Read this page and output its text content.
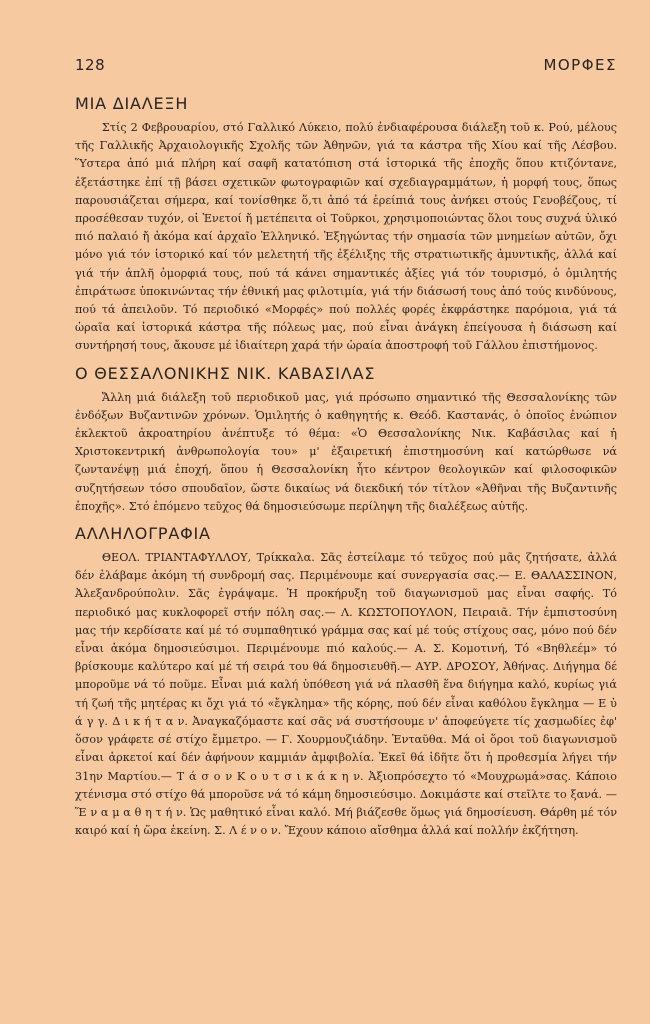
128	ΜΟΡΦΕΣ
ΜΙΑ ΔΙΑΛΕΞΗ

Στίς 2 Φεβρουαρίου, στό Γαλλικό Λύκειο, πολύ ἐνδιαφέρουσα διάλεξη τοῦ κ. Ρού, μέλους τῆς Γαλλικῆς Ἀρχαιολογικῆς Σχολῆς τῶν Ἀθηνῶν, γιά τα κάστρα τῆς Χίου καί τῆς Λέσβου. Ὕστερα ἀπό μιά πλήρη καί σαφῆ κατατόπιση στά ἱστορικά τῆς ἐποχῆς ὅπου κτιζόντανε, ἐξετάστηκε ἐπί τῇ βάσει σχετικῶν φωτογραφιῶν καί σχεδιαγραμμάτων, ἡ μορφή τους, ὅπως παρουσιάζεται σήμερα, καί τονίσθηκε ὅ,τι ἀπό τά ἐρείπιά τους ἀνήκει στούς Γενοβέζους, τί προσέθεσαν τυχόν, οἱ Ἐνετοί ἤ μετέπειτα οἱ Τοῦρκοι, χρησιμοποιώντας ὅλοι τους συχνά ὑλικό πιό παλαιό ἤ ἀκόμα καί ἀρχαῖο Ἑλληνικό. Ἐξηγώντας τήν σημασία τῶν μνημείων αὐτῶν, ὄχι μόνο γιά τόν ἱστορικό καί τόν μελετητή τῆς ἐξέλιξης τῆς στρατιωτικῆς ἀμυντικῆς, ἀλλά καί γιά τήν ἁπλῆ ὀμορφιά τους, πού τά κάνει σημαντικές ἀξίες γιά τόν τουρισμό, ὁ ὁμιλητής ἐπιράτωσε ὑποκινώντας τήν ἐθνική μας φιλοτιμία, γιά τήν διάσωσή τους ἀπό τούς κινδύνους, πού τά ἀπειλοῦν. Τό περιοδικό «Μορφές» πού πολλές φορές ἐκφράστηκε παρόμοια, γιά τά ὡραῖα καί ἱστορικά κάστρα τῆς πόλεως μας, πού εἶναι ἀνάγκη ἐπείγουσα ἡ διάσωση καί συντήρησή τους, ἄκουσε μέ ἰδιαίτερη χαρά τήν ὡραία ἀποστροφή τοῦ Γάλλου ἐπιστήμονος.

Ο ΘΕΣΣΑΛΟΝΙΚΗΣ ΝΙΚ. ΚΑΒΑΣΙΛΑΣ

Ἄλλη μιά διάλεξη τοῦ περιοδικοῦ μας, γιά πρόσωπο σημαντικό τῆς Θεσσαλονίκης τῶν ἐνδόξων Βυζαντινῶν χρόνων. Ὁμιλητής ὁ καθηγητής κ. Θεόδ. Καστανάς, ὁ ὁποῖος ἐνώπιον ἐκλεκτοῦ ἀκροατηρίου ἀνέπτυξε τό θέμα: «Ὁ Θεσσαλονίκης Νικ. Καβάσιλας καί ἡ Χριστοκεντρική ἀνθρωπολογία του» μ' ἐξαιρετική ἐπιστημοσύνη καί κατώρθωσε νά ζωντανέψῃ μιά ἐποχή, ὅπου ἡ Θεσσαλονίκη ἦτο κέντρον θεολογικῶν καί φιλοσοφικῶν συζητήσεων τόσο σπουδαῖον, ὥστε δικαίως νά διεκδική τόν τίτλον «Ἀθῆναι τῆς Βυζαντινῆς ἐποχῆς». Στό ἑπόμενο τεῦχος θά δημοσιεύσωμε περίληψη τῆς διαλέξεως αὐτῆς.

ΑΛΛΗΛΟΓΡΑΦΙΑ

ΘΕΟΛ. ΤΡΙΑΝΤΑΦΥΛΛΟΥ, Τρίκκαλα. Σᾶς ἐστείλαμε τό τεῦχος πού μᾶς ζητήσατε, ἀλλά δέν ἐλάβαμε ἀκόμη τή συνδρομή σας. Περιμένουμε καί συνεργασία σας.— Ε. ΘΑΛΑΣΣΙΝΟΝ, Ἀλεξανδρούπολιν. Σᾶς ἐγράψαμε. Ἡ προκήρυξη τοῦ διαγωνισμοῦ μας εἶναι σαφής. Τό περιοδικό μας κυκλοφορεῖ στήν πόλη σας.— Λ. ΚΩΣΤΟΠΟΥΛΟΝ, Πειραιᾶ. Τήν ἐμπιστοσύνη μας τήν κερδίσατε καί μέ τό συμπαθητικό γράμμα σας καί μέ τούς στίχους σας, μόνο πού δέν εἶναι ἀκόμα δημοσιεύσιμοι. Περιμένουμε πιό καλούς.— Α. Σ. Κομοτινή, Τό «Βηθλεέμ» τό βρίσκουμε καλύτερο καί μέ τή σειρά του θά δημοσιευθῆ.— ΑΥΡ. ΔΡΟΣΟΥ, Ἀθήνας. Διήγημα δέ μποροῦμε νά τό ποῦμε. Εἶναι μιά καλή ὑπόθεση γιά νά πλασθῆ ἕνα διήγημα καλό, κυρίως γιά τή ζωή τῆς μητέρας κι ὄχι γιά τό «ἔγκλημα» τῆς κόρης, πού δέν εἶναι καθόλου ἔγκλημα — Ε ὐ ά γ γ. Δ ι κ ή τ α ν. Ἀναγκαζόμαστε καί σᾶς νά συστήσουμε ν' ἀποφεύγετε τίς χασμωδίες ἐφ' ὅσον γράφετε σέ στίχο ἔμμετρο. — Γ. Χουρμουζιάδην. Ἐνταῦθα. Μά οἱ ὅροι τοῦ διαγωνισμοῦ εἶναι ἀρκετοί καί δέν ἀφήνουν καμμιάν ἀμφιβολία. Ἐκεῖ θά ἰδῆτε ὅτι ἡ προθεσμία λήγει τήν 31ην Μαρτίου.— Τ ά σ ο ν Κ ο υ τ σ ι κ ά κ η ν. Ἀξιοπρόσεχτο τό «Μουχρωμά»σας. Κάποιο χτένισμα στό στίχο θά μποροῦσε νά τό κάμη δημοσιεύσιμο. Δοκιμάστε καί στεῖλτε το ξανά. — Ἕ ν α μ α θ η τ ή ν. Ὡς μαθητικό εἶναι καλό. Μή βιάζεσθε ὅμως γιά δημοσίευση. Θάρθη μέ τόν καιρό καί ἡ ὥρα ἐκείνη. Σ. Λ έ ν ο ν. Ἔχουν κάποιο αἴσθημα ἀλλά καί πολλήν ἐκζήτηση.
